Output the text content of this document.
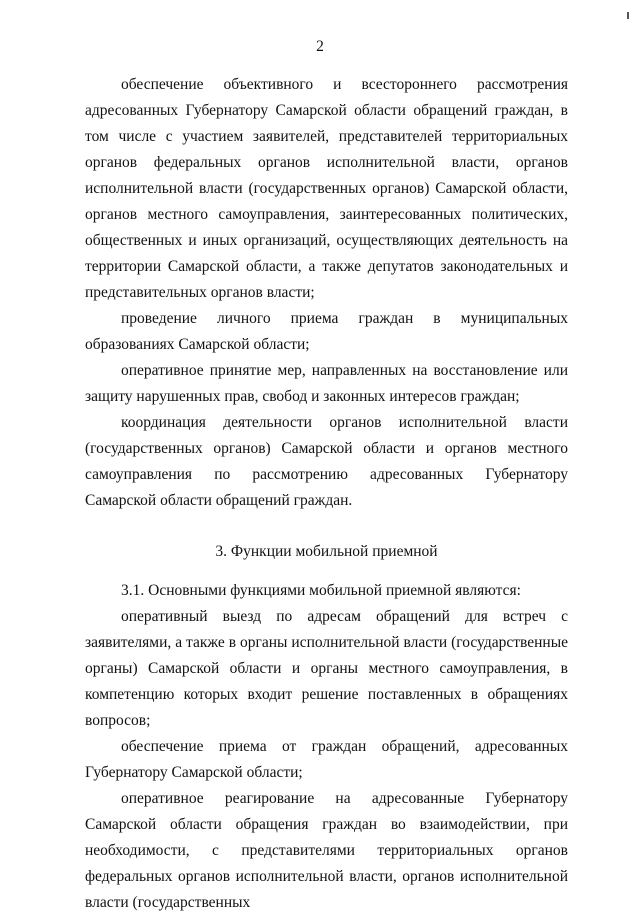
2

обеспечение объективного и всестороннего рассмотрения адресованных Губернатору Самарской области обращений граждан, в том числе с участием заявителей, представителей территориальных органов федеральных органов исполнительной власти, органов исполнительной власти (государственных органов) Самарской области, органов местного самоуправления, заинтересованных политических, общественных и иных организаций, осуществляющих деятельность на территории Самарской области, а также депутатов законодательных и представительных органов власти;

проведение личного приема граждан в муниципальных образованиях Самарской области;

оперативное принятие мер, направленных на восстановление или защиту нарушенных прав, свобод и законных интересов граждан;

координация деятельности органов исполнительной власти (государственных органов) Самарской области и органов местного самоуправления по рассмотрению адресованных Губернатору Самарской области обращений граждан.

3. Функции мобильной приемной

3.1. Основными функциями мобильной приемной являются:

оперативный выезд по адресам обращений для встреч с заявителями, а также в органы исполнительной власти (государственные органы) Самарской области и органы местного самоуправления, в компетенцию которых входит решение поставленных в обращениях вопросов;

обеспечение приема от граждан обращений, адресованных Губернатору Самарской области;

оперативное реагирование на адресованные Губернатору Самарской области обращения граждан во взаимодействии, при необходимости, с представителями территориальных органов федеральных органов исполнительной власти, органов исполнительной власти (государственных
